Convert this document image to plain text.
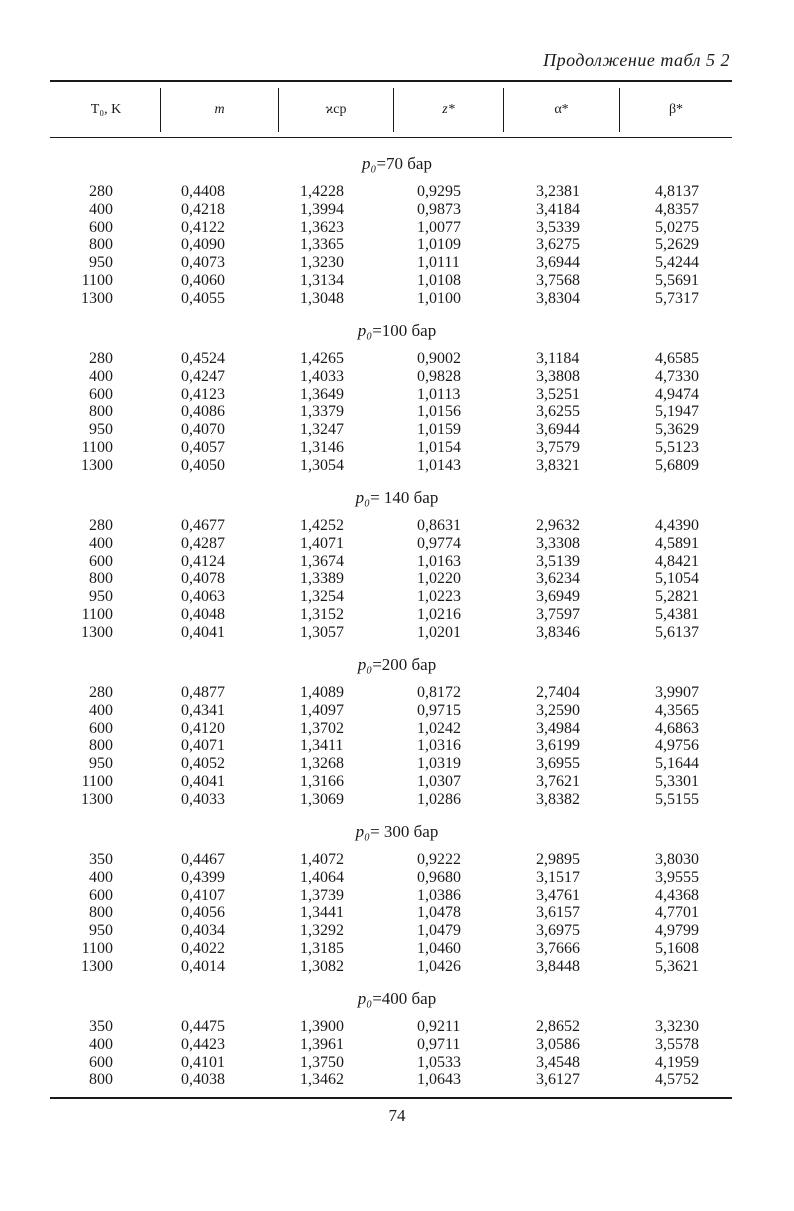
Продолжение табл 5 2
T₀, K	m	ϰср	z*	α*	β*
p₀=70 бар
280	0,4408	1,4228	0,9295	3,2381	4,8137
400	0,4218	1,3994	0,9873	3,4184	4,8357
600	0,4122	1,3623	1,0077	3,5339	5,0275
800	0,4090	1,3365	1,0109	3,6275	5,2629
950	0,4073	1,3230	1,0111	3,6944	5,4244
1100	0,4060	1,3134	1,0108	3,7568	5,5691
1300	0,4055	1,3048	1,0100	3,8304	5,7317
p₀=100 бар
280	0,4524	1,4265	0,9002	3,1184	4,6585
400	0,4247	1,4033	0,9828	3,3808	4,7330
600	0,4123	1,3649	1,0113	3,5251	4,9474
800	0,4086	1,3379	1,0156	3,6255	5,1947
950	0,4070	1,3247	1,0159	3,6944	5,3629
1100	0,4057	1,3146	1,0154	3,7579	5,5123
1300	0,4050	1,3054	1,0143	3,8321	5,6809
p₀= 140 бар
280	0,4677	1,4252	0,8631	2,9632	4,4390
400	0,4287	1,4071	0,9774	3,3308	4,5891
600	0,4124	1,3674	1,0163	3,5139	4,8421
800	0,4078	1,3389	1,0220	3,6234	5,1054
950	0,4063	1,3254	1,0223	3,6949	5,2821
1100	0,4048	1,3152	1,0216	3,7597	5,4381
1300	0,4041	1,3057	1,0201	3,8346	5,6137
p₀=200 бар
280	0,4877	1,4089	0,8172	2,7404	3,9907
400	0,4341	1,4097	0,9715	3,2590	4,3565
600	0,4120	1,3702	1,0242	3,4984	4,6863
800	0,4071	1,3411	1,0316	3,6199	4,9756
950	0,4052	1,3268	1,0319	3,6955	5,1644
1100	0,4041	1,3166	1,0307	3,7621	5,3301
1300	0,4033	1,3069	1,0286	3,8382	5,5155
p₀= 300 бар
350	0,4467	1,4072	0,9222	2,9895	3,8030
400	0,4399	1,4064	0,9680	3,1517	3,9555
600	0,4107	1,3739	1,0386	3,4761	4,4368
800	0,4056	1,3441	1,0478	3,6157	4,7701
950	0,4034	1,3292	1,0479	3,6975	4,9799
1100	0,4022	1,3185	1,0460	3,7666	5,1608
1300	0,4014	1,3082	1,0426	3,8448	5,3621
p₀=400 бар
350	0,4475	1,3900	0,9211	2,8652	3,3230
400	0,4423	1,3961	0,9711	3,0586	3,5578
600	0,4101	1,3750	1,0533	3,4548	4,1959
800	0,4038	1,3462	1,0643	3,6127	4,5752
74
